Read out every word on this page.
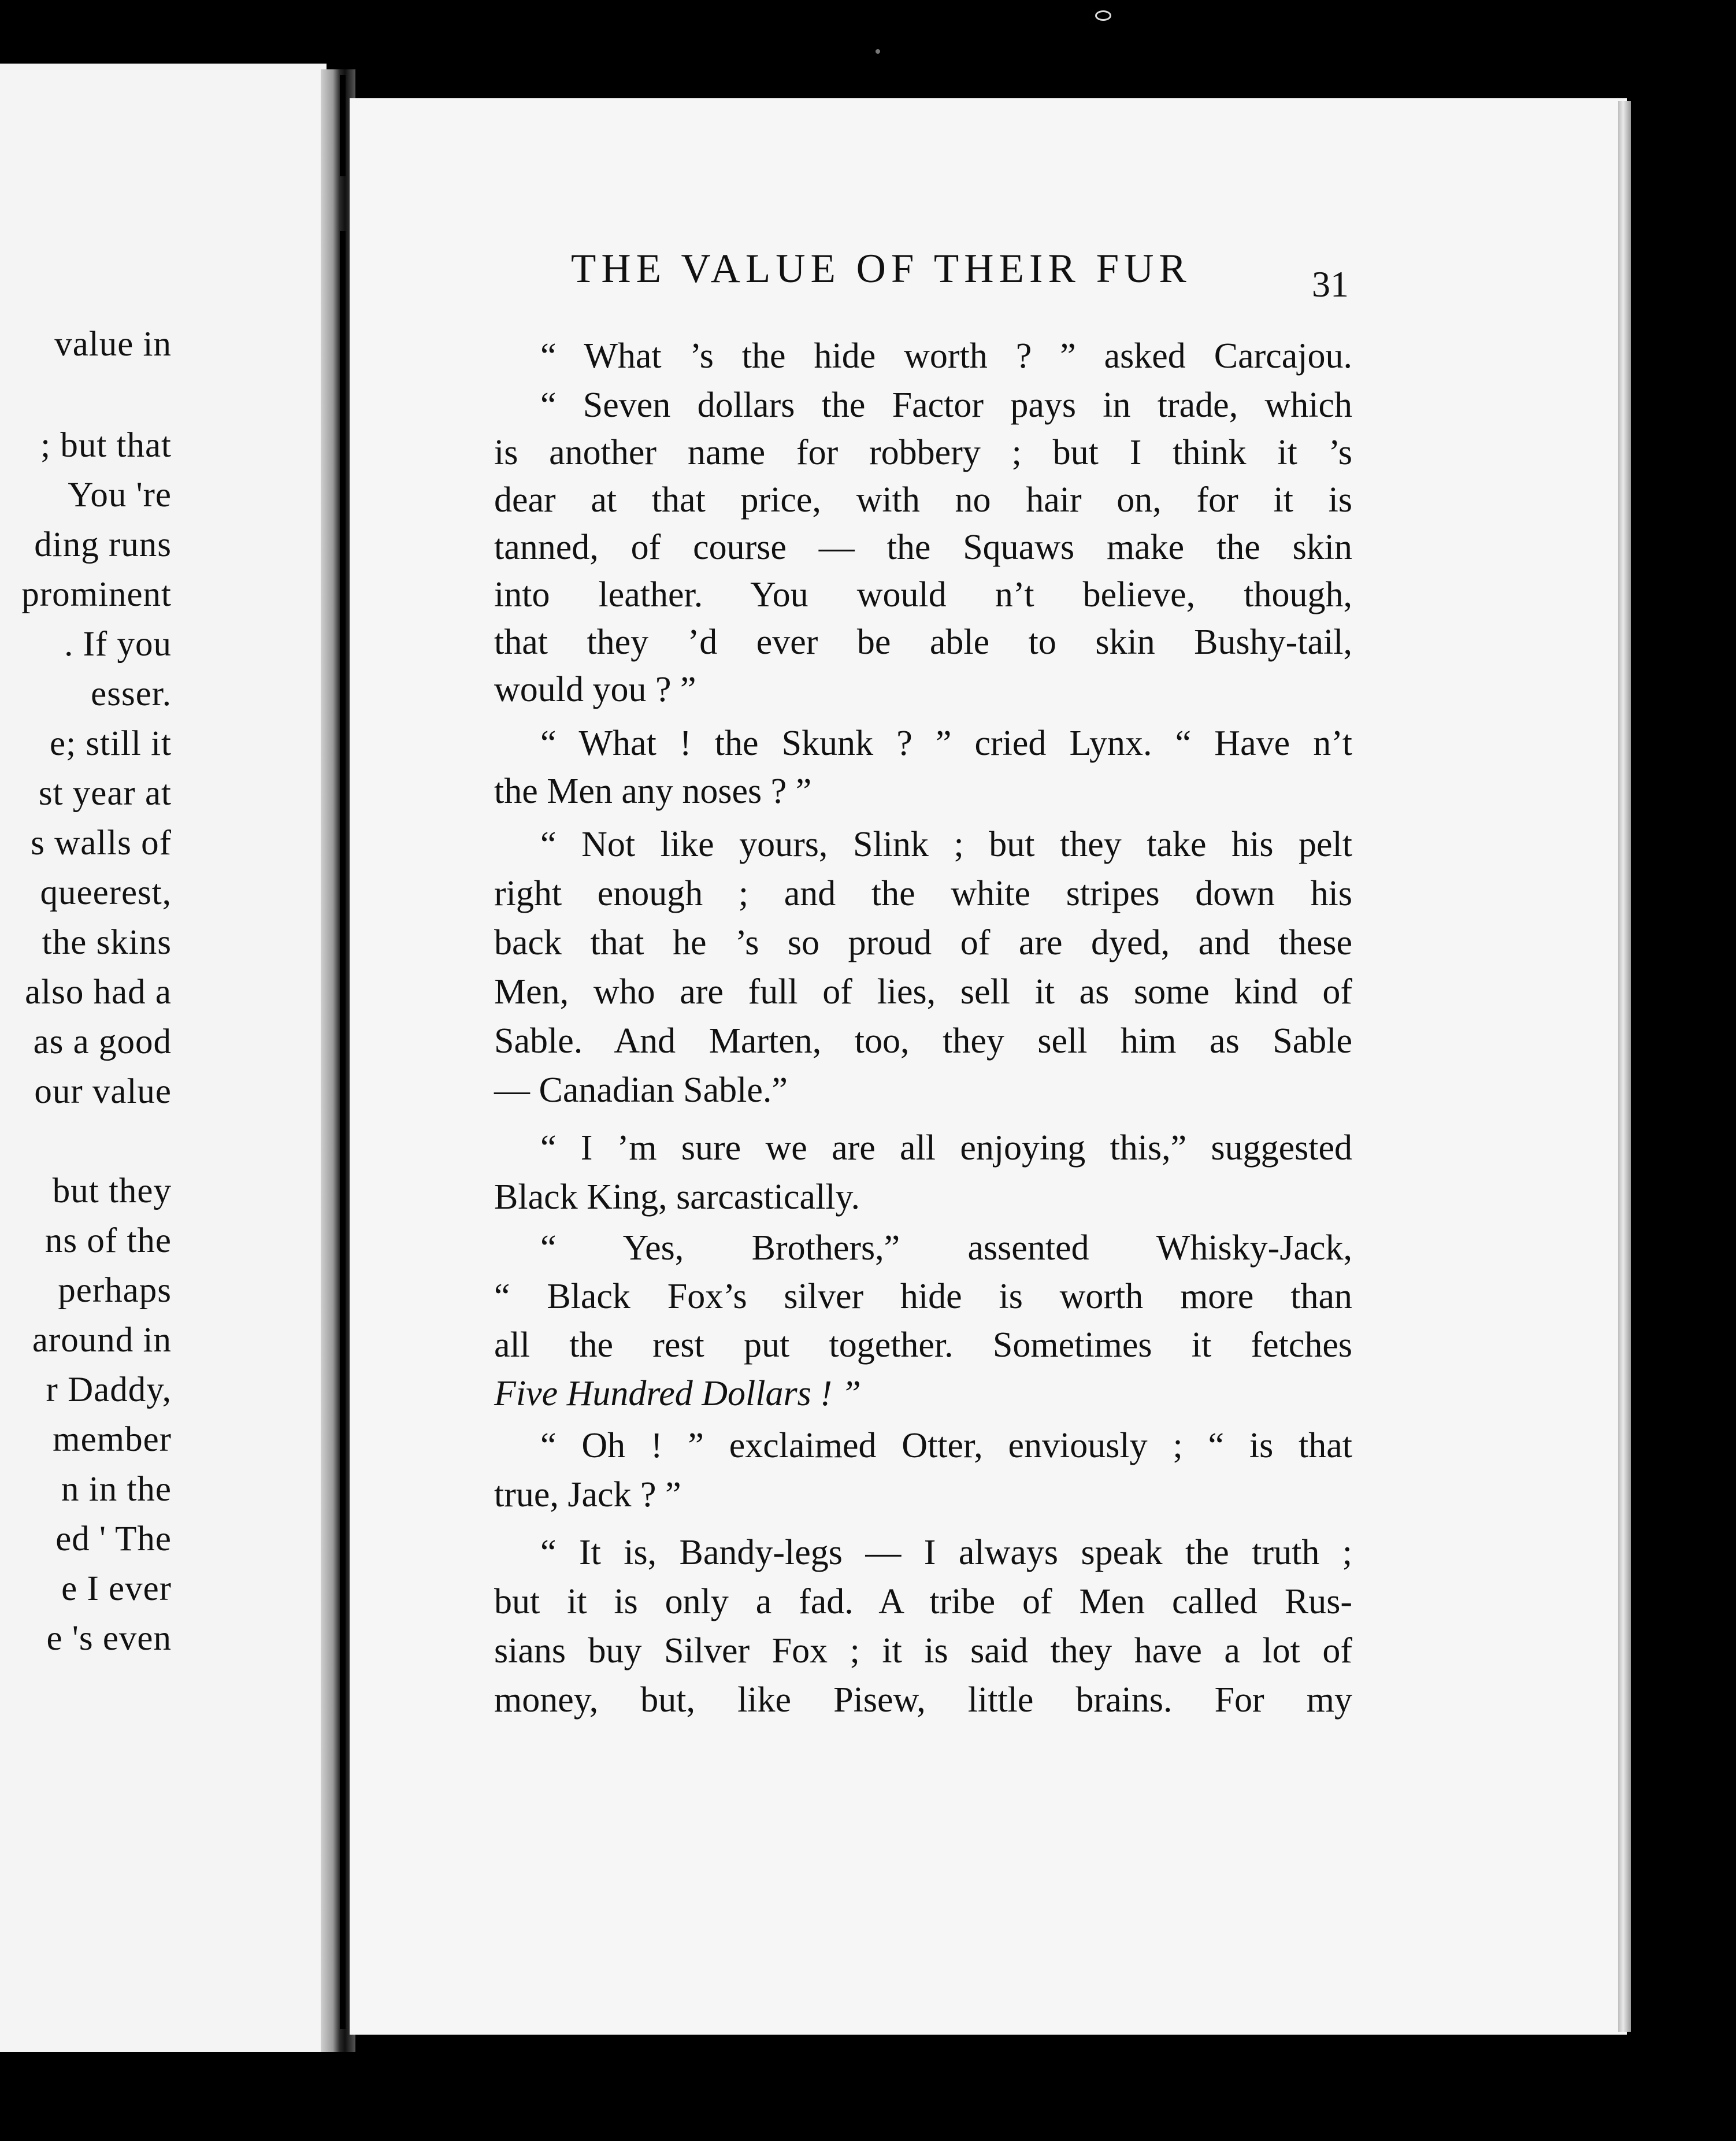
value in
; but that
You 're
ding runs
prominent
. If you
esser.
e; still it
st year at
s walls of
queerest,
the skins
also had a
as a good
our value
but they
ns of the
perhaps
around in
r Daddy,
member
n in the
ed ' The
e I ever
e 's even
THE VALUE OF THEIR FUR	31
“ What ’s the hide worth ? ” asked Carcajou.
“ Seven dollars the Factor pays in trade, which
is another name for robbery ; but I think it ’s
dear at that price, with no hair on, for it is
tanned, of course — the Squaws make the skin
into leather. You would n’t believe, though,
that they ’d ever be able to skin Bushy-tail,
would you ? ”
“ What ! the Skunk ? ” cried Lynx. “ Have n’t
the Men any noses ? ”
“ Not like yours, Slink ; but they take his pelt
right enough ; and the white stripes down his
back that he ’s so proud of are dyed, and these
Men, who are full of lies, sell it as some kind of
Sable. And Marten, too, they sell him as Sable
— Canadian Sable.”
“ I ’m sure we are all enjoying this,” suggested
Black King, sarcastically.
“ Yes, Brothers,” assented Whisky-Jack,
“ Black Fox’s silver hide is worth more than
all the rest put together. Sometimes it fetches
Five Hundred Dollars ! ”
“ Oh ! ” exclaimed Otter, enviously ; “ is that
true, Jack ? ”
“ It is, Bandy-legs — I always speak the truth ;
but it is only a fad. A tribe of Men called Rus-
sians buy Silver Fox ; it is said they have a lot of
money, but, like Pisew, little brains. For my
